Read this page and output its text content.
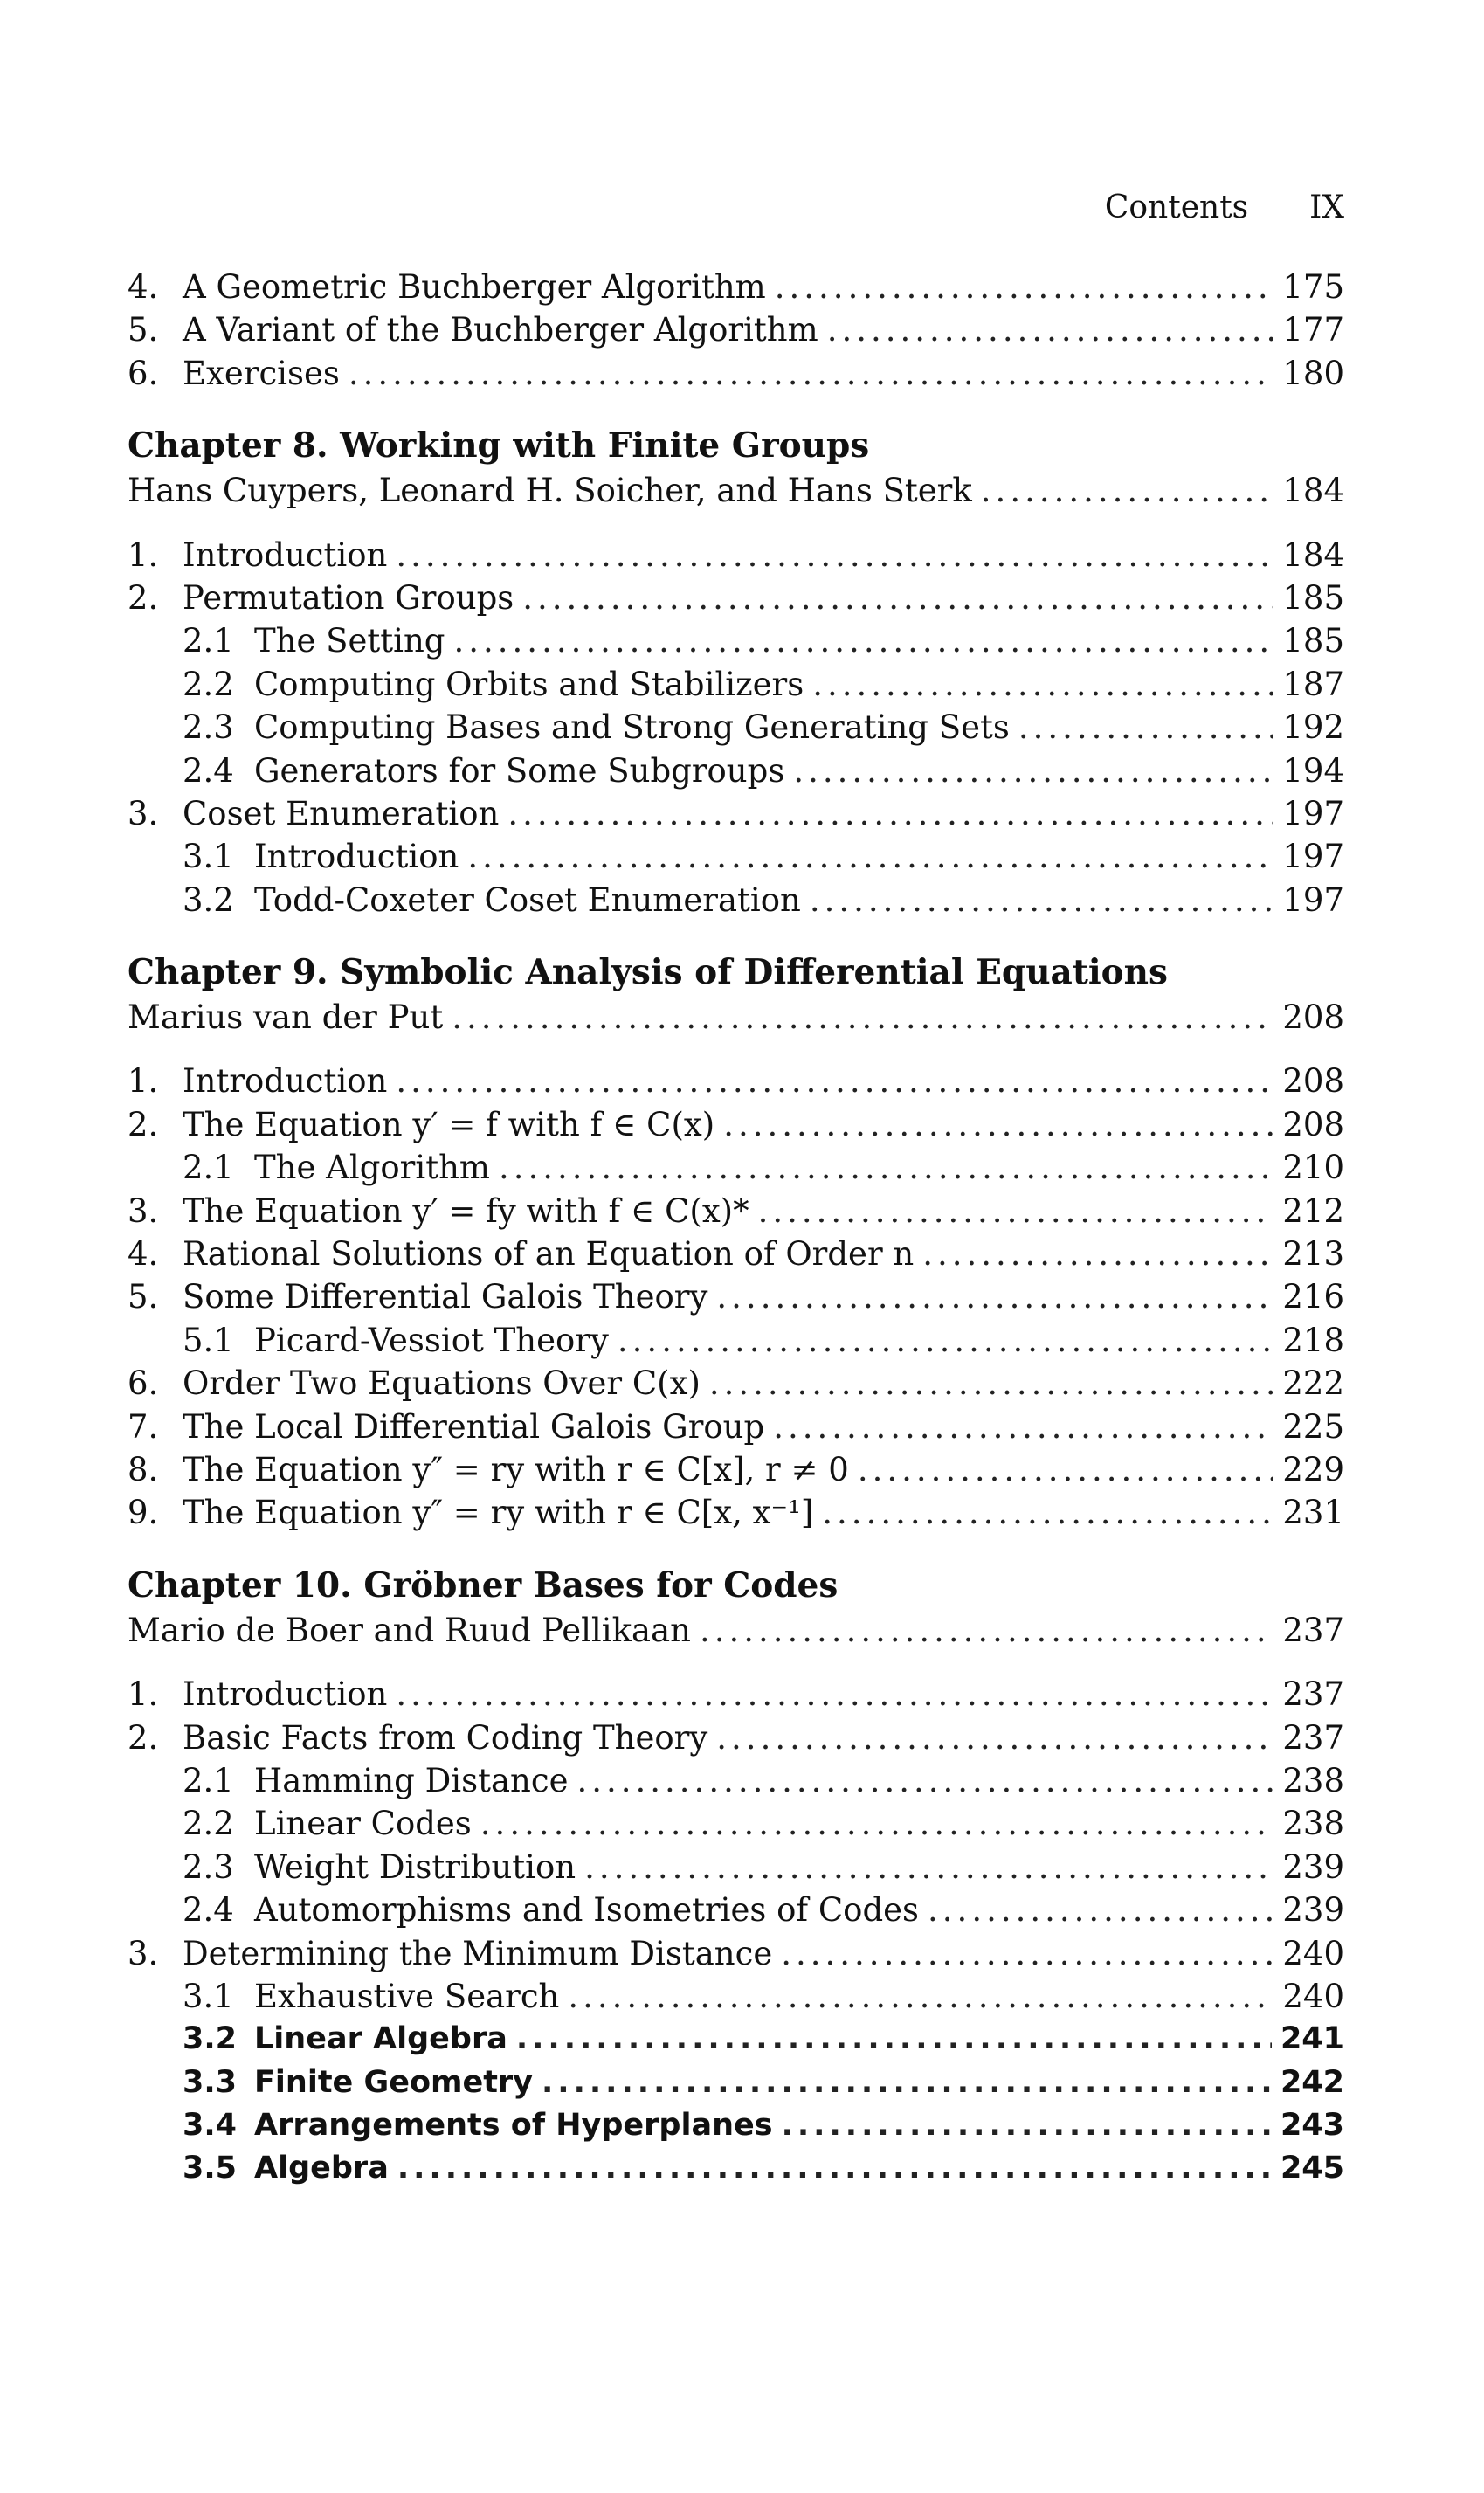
Contents IX
4. A Geometric Buchberger Algorithm .....	175
5. A Variant of the Buchberger Algorithm .....	177
6. Exercises .....	180
Chapter 8. Working with Finite Groups
Hans Cuypers, Leonard H. Soicher, and Hans Sterk .....	184
1. Introduction .....	184
2. Permutation Groups .....	185
2.1 The Setting .....	185
2.2 Computing Orbits and Stabilizers .....	187
2.3 Computing Bases and Strong Generating Sets .....	192
2.4 Generators for Some Subgroups .....	194
3. Coset Enumeration .....	197
3.1 Introduction .....	197
3.2 Todd-Coxeter Coset Enumeration .....	197
Chapter 9. Symbolic Analysis of Differential Equations
Marius van der Put .....	208
1. Introduction .....	208
2. The Equation y′ = f with f ∈ C(x) .....	208
2.1 The Algorithm .....	210
3. The Equation y′ = fy with f ∈ C(x)* .....	212
4. Rational Solutions of an Equation of Order n .....	213
5. Some Differential Galois Theory .....	216
5.1 Picard-Vessiot Theory .....	218
6. Order Two Equations Over C(x) .....	222
7. The Local Differential Galois Group .....	225
8. The Equation y″ = ry with r ∈ C[x], r ≠ 0 .....	229
9. The Equation y″ = ry with r ∈ C[x, x⁻¹] .....	231
Chapter 10. Gröbner Bases for Codes
Mario de Boer and Ruud Pellikaan .....	237
1. Introduction .....	237
2. Basic Facts from Coding Theory .....	237
2.1 Hamming Distance .....	238
2.2 Linear Codes .....	238
2.3 Weight Distribution .....	239
2.4 Automorphisms and Isometries of Codes .....	239
3. Determining the Minimum Distance .....	240
3.1 Exhaustive Search .....	240
3.2 Linear Algebra .....	241
3.3 Finite Geometry .....	242
3.4 Arrangements of Hyperplanes .....	243
3.5 Algebra .....	245
